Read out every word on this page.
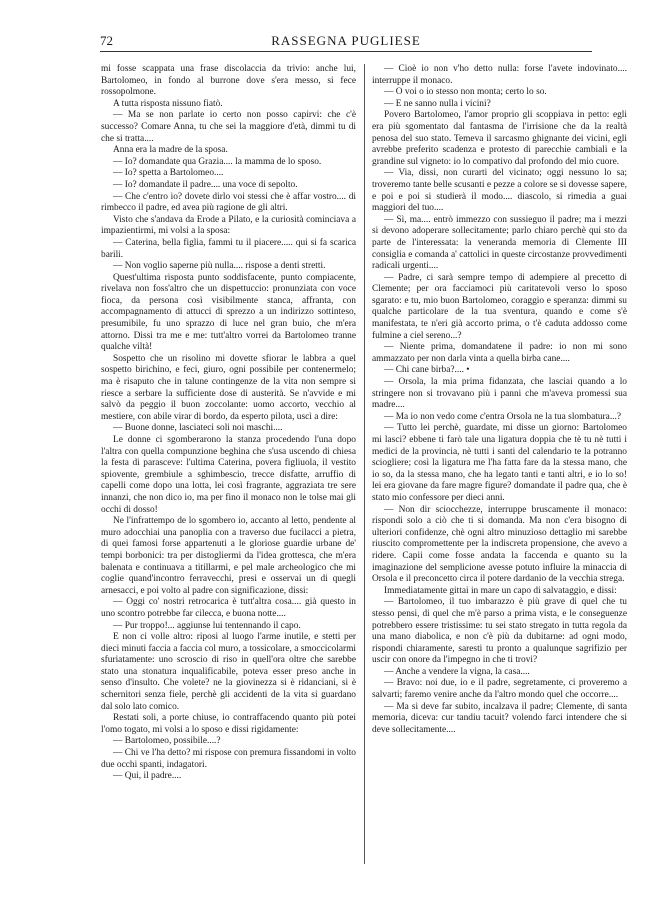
72	RASSEGNA PUGLIESE

mi fosse scappata una frase discolaccia da trivio: anche lui, Bartolomeo, in fondo al burrone dove s'era messo, si fece rossopolmone.

A tutta risposta nissuno fiatò.

— Ma se non parlate io certo non posso capirvi: che c'è successo? Comare Anna, tu che sei la maggiore d'età, dimmi tu di che si tratta....

Anna era la madre de la sposa.

— Io? domandate qua Grazia.... la mamma de lo sposo.

— Io? spetta a Bartolomeo....

— Io? domandate il padre.... una voce di sepolto.

— Che c'entro io? dovete dirlo voi stessi che è affar vostro.... di rimbecco il padre, ed avea più ragione de gli altri.

Visto che s'andava da Erode a Pilato, e la curiosità cominciava a impazientirmi, mi volsi a la sposa:

— Caterina, bella figlia, fammi tu il piacere..... qui si fa scarica barili.

— Non voglio saperne più nulla.... rispose a denti stretti.

Quest'ultima risposta punto soddisfacente, punto compiacente, rivelava non foss'altro che un dispettuccio: pronunziata con voce fioca, da persona così visibilmente stanca, affranta, con accompagnamento di attucci di sprezzo a un indirizzo sottinteso, presumibile, fu uno sprazzo di luce nel gran buio, che m'era attorno. Dissi tra me e me: tutt'altro vorrei da Bartolomeo tranne qualche viltà!

Sospetto che un risolino mi dovette sfiorar le labbra a quel sospetto birichino, e feci, giuro, ogni possibile per contenermelo; ma è risaputo che in talune contingenze de la vita non sempre si riesce a serbare la sufficiente dose di austerità. Se n'avvide e mi salvò da peggio il buon zoccolante: uomo accorto, vecchio al mestiere, con abile virar di bordo, da esperto pilota, uscì a dire:

— Buone donne, lasciateci soli noi maschi....

Le donne ci sgomberarono la stanza procedendo l'una dopo l'altra con quella compunzione beghina che s'usa uscendo di chiesa la festa di parasceve: l'ultima Caterina, povera figliuola, il vestito spiovente, grembiule a sghimbescio, trecce disfatte, arruffio di capelli come dopo una lotta, lei così fragrante, aggraziata tre sere innanzi, che non dico io, ma per fino il monaco non le tolse mai gli occhi di dosso!

Ne l'infrattempo de lo sgombero io, accanto al letto, pendente al muro adocchiai una panoplia con a traverso due fucilacci a pietra, di quei famosi forse appartenuti a le gloriose guardie urbane de' tempi borbonici: tra per distogliermi da l'idea grottesca, che m'era balenata e continuava a titillarmi, e pel male archeologico che mi coglie quand'incontro ferravecchi, presi e osservai un di quegli arnesacci, e poi volto al padre con significazione, dissi:

— Oggi co' nostri retrocarica è tutt'altra cosa.... già questo in uno scontro potrebbe far cilecca, e buona notte....

— Pur troppo!... aggiunse lui tentennando il capo.

E non ci volle altro: riposi al luogo l'arme inutile, e stetti per dieci minuti faccia a faccia col muro, a tossicolare, a smoccicolarmi sfuriatamente: uno scroscio di riso in quell'ora oltre che sarebbe stato una stonatura inqualificabile, poteva esser preso anche in senso d'insulto. Che volete? ne la giovinezza si è ridanciani, si è schernitori senza fiele, perchè gli accidenti de la vita si guardano dal solo lato comico.

Restati soli, a porte chiuse, io contraffacendo quanto più potei l'omo togato, mi volsi a lo sposo e dissi rigidamente:

— Bartolomeo, possibile....?

— Chi ve l'ha detto? mi rispose con premura fissandomi in volto due occhi spanti, indagatori.

— Qui, il padre....

— Cioè io non v'ho detto nulla: forse l'avete indovinato.... interruppe il monaco.

— O voi o io stesso non monta; certo lo so.

— E ne sanno nulla i vicini?

Povero Bartolomeo, l'amor proprio gli scoppiava in petto: egli era più sgomentato dal fantasma de l'irrisione che da la realtà penosa del suo stato. Temeva il sarcasmo ghignante dei vicini, egli avrebbe preferito scadenza e protesto di parecchie cambiali e la grandine sul vigneto: io lo compativo dal profondo del mio cuore.

— Via, dissi, non curarti del vicinato; oggi nessuno lo sa; troveremo tante belle scusanti e pezze a colore se si dovesse sapere, e poi e poi si studierà il modo.... diascolo, si rimedia a guai maggiori del tuo....

— Sì, ma.... entrò immezzo con sussieguo il padre; ma i mezzi si devono adoperare sollecitamente; parlo chiaro perchè qui sto da parte de l'interessata: la veneranda memoria di Clemente III consiglia e comanda a' cattolici in queste circostanze provvedimenti radicali urgenti....

— Padre, ci sarà sempre tempo di adempiere al precetto di Clemente; per ora facciamoci più caritatevoli verso lo sposo sgarato: e tu, mio buon Bartolomeo, coraggio e speranza: dimmi su qualche particolare de la tua sventura, quando e come s'è manifestata, te n'eri già accorto prima, o t'è caduta addosso come fulmine a ciel sereno...?

— Niente prima, domandatene il padre: io non mi sono ammazzato per non darla vinta a quella birba cane....

— Chi cane birba?.... •

— Orsola, la mia prima fidanzata, che lasciai quando a lo stringere non si trovavano più i panni che m'aveva promessi sua madre....

— Ma io non vedo come c'entra Orsola ne la tua slombatura...?

— Tutto lei perchè, guardate, mi disse un giorno: Bartolomeo mi lasci? ebbene ti farò tale una ligatura doppia che tè tu nè tutti i medici de la provincia, nè tutti i santi del calendario te la potranno sciogliere; così la ligatura me l'ha fatta fare da la stessa mano, che io so, da la stessa mano, che ha legato tanti e tanti altri, e io lo so! lei era giovane da fare magre figure? domandate il padre qua, che è stato mio confessore per dieci anni.

— Non dir sciocchezze, interruppe bruscamente il monaco: rispondi solo a ciò che ti si domanda. Ma non c'era bisogno di ulteriori confidenze, chè ogni altro minuzioso dettaglio mi sarebbe riuscito compromettente per la indiscreta propensione, che avevo a ridere. Capii come fosse andata la faccenda e quanto su la imaginazione del semplicione avesse potuto influire la minaccia di Orsola e il preconcetto circa il potere dardanio de la vecchia strega.

Immediatamente gittai in mare un capo di salvataggio, e dissi:

— Bartolomeo, il tuo imbarazzo è più grave di quel che tu stesso pensi, di quel che m'è parso a prima vista, e le conseguenze potrebbero essere tristissime: tu sei stato stregato in tutta regola da una mano diabolica, e non c'è più da dubitarne: ad ogni modo, rispondi chiaramente, saresti tu pronto a qualunque sagrifizio per uscir con onore da l'impegno in che ti trovi?

— Anche a vendere la vigna, la casa....

— Bravo: noi due, io e il padre, segretamente, ci proveremo a salvarti; faremo venire anche da l'altro mondo quel che occorre....

— Ma si deve far subito, incalzava il padre; Clemente, di santa memoria, diceva: cur tandiu tacuit? volendo farci intendere che si deve sollecitamente....
